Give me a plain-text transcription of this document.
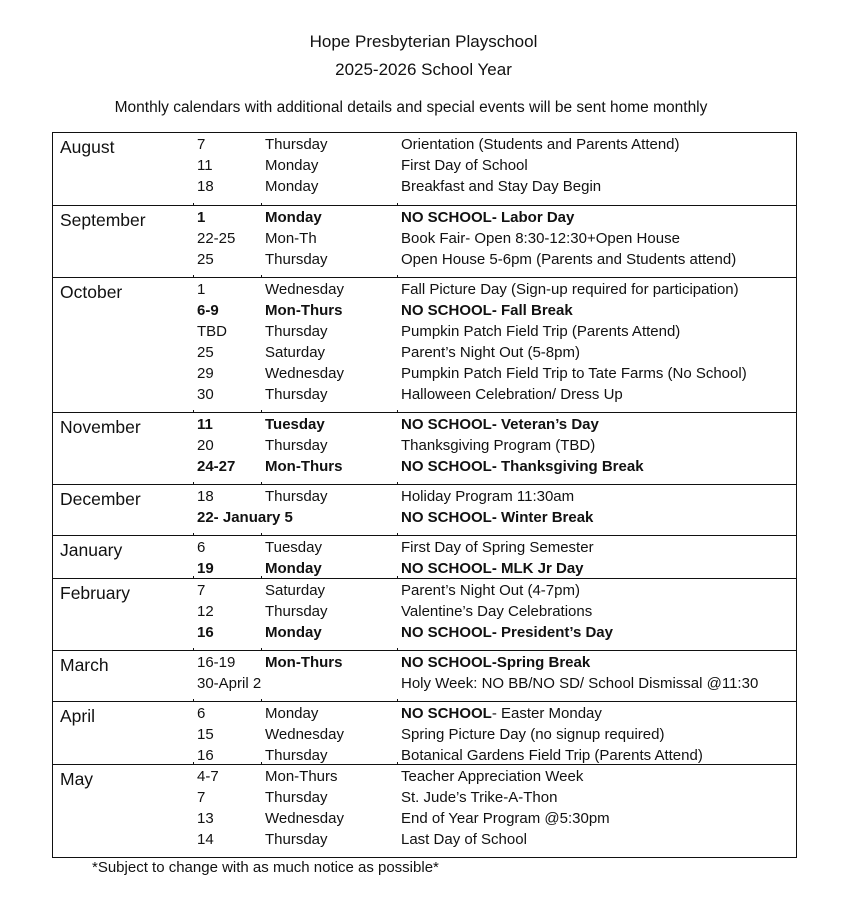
Hope Presbyterian Playschool
2025-2026 School Year
Monthly calendars with additional details and special events will be sent home monthly
August	7	Thursday	Orientation (Students and Parents Attend)
11	Monday	First Day of School
18	Monday	Breakfast and Stay Day Begin
September	1	Monday	NO SCHOOL- Labor Day
22-25 Mon-Th	Book Fair- Open 8:30-12:30+Open House
25	Thursday	Open House 5-6pm (Parents and Students attend)
October	1	Wednesday	Fall Picture Day (Sign-up required for participation)
6-9	Mon-Thurs	NO SCHOOL- Fall Break
TBD	Thursday	Pumpkin Patch Field Trip (Parents Attend)
25	Saturday	Parent’s Night Out (5-8pm)
29	Wednesday	Pumpkin Patch Field Trip to Tate Farms (No School)
30	Thursday	Halloween Celebration/ Dress Up
November	11	Tuesday	NO SCHOOL- Veteran’s Day
20	Thursday	Thanksgiving Program (TBD)
24-27 Mon-Thurs	NO SCHOOL- Thanksgiving Break
December	18	Thursday	Holiday Program 11:30am
22- January 5	NO SCHOOL- Winter Break
January	6	Tuesday	First Day of Spring Semester
19	Monday	NO SCHOOL- MLK Jr Day
February	7	Saturday	Parent’s Night Out (4-7pm)
12	Thursday	Valentine’s Day Celebrations
16	Monday	NO SCHOOL- President’s Day
March	16-19 Mon-Thurs	NO SCHOOL-Spring Break
30-April 2	Holy Week: NO BB/NO SD/ School Dismissal @11:30
April	6	Monday	NO SCHOOL- Easter Monday
15	Wednesday	Spring Picture Day (no signup required)
16	Thursday	Botanical Gardens Field Trip (Parents Attend)
May	4-7	Mon-Thurs	Teacher Appreciation Week
7	Thursday	St. Jude’s Trike-A-Thon
13	Wednesday	End of Year Program @5:30pm
14	Thursday	Last Day of School
*Subject to change with as much notice as possible*
